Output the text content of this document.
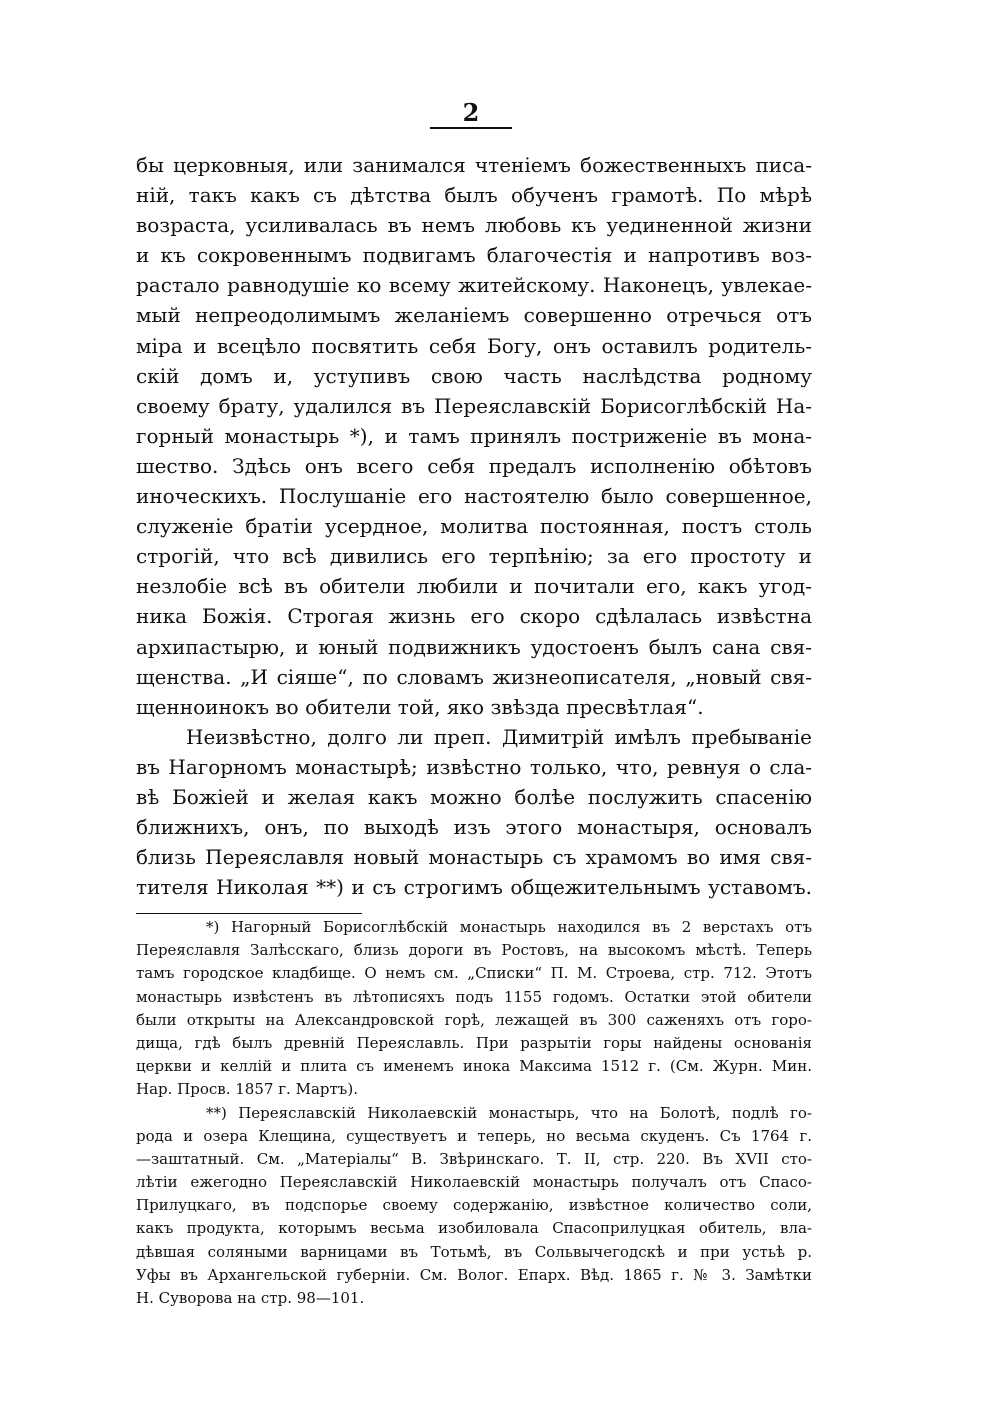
2
бы церковныя, или занимался чтеніемъ божественныхъ писа-
ній, такъ какъ съ дѣтства былъ обученъ грамотѣ. По мѣрѣ
возраста, усиливалась въ немъ любовь къ уединенной жизни
и къ сокровеннымъ подвигамъ благочестія и напротивъ воз-
растало равнодушіе ко всему житейскому. Наконецъ, увлекае-
мый непреодолимымъ желаніемъ совершенно отречься отъ
міра и всецѣло посвятить себя Богу, онъ оставилъ родитель-
скій домъ и, уступивъ свою часть наслѣдства родному
своему брату, удалился въ Переяславскій Борисоглѣбскій На-
горный монастырь *), и тамъ принялъ постриженіе въ мона-
шество. Здѣсь онъ всего себя предалъ исполненію обѣтовъ
иноческихъ. Послушаніе его настоятелю было совершенное,
служеніе братіи усердное, молитва постоянная, постъ столь
строгій, что всѣ дивились его терпѣнію; за его простоту и
незлобіе всѣ въ обители любили и почитали его, какъ угод-
ника Божія. Строгая жизнь его скоро сдѣлалась извѣстна
архипастырю, и юный подвижникъ удостоенъ былъ сана свя-
щенства. „И сіяше“, по словамъ жизнеописателя, „новый свя-
щенноинокъ во обители той, яко звѣзда пресвѣтлая“.
Неизвѣстно, долго ли преп. Димитрій имѣлъ пребываніе
въ Нагорномъ монастырѣ; извѣстно только, что, ревнуя о сла-
вѣ Божіей и желая какъ можно болѣе послужить спасенію
ближнихъ, онъ, по выходѣ изъ этого монастыря, основалъ
близь Переяславля новый монастырь съ храмомъ во имя свя-
тителя Николая **) и съ строгимъ общежительнымъ уставомъ.
*) Нагорный Борисоглѣбскій монастырь находился въ 2 верстахъ отъ
Переяславля Залѣсскаго, близь дороги въ Ростовъ, на высокомъ мѣстѣ. Теперь
тамъ городское кладбище. О немъ см. „Списки“ П. М. Строева, стр. 712. Этотъ
монастырь извѣстенъ въ лѣтописяхъ подъ 1155 годомъ. Остатки этой обители
были открыты на Александровской горѣ, лежащей въ 300 саженяхъ отъ горо-
дища, гдѣ былъ древній Переяславль. При разрытіи горы найдены основанія
церкви и келлій и плита съ именемъ инока Максима 1512 г. (См. Журн. Мин.
Нар. Просв. 1857 г. Мартъ).
**) Переяславскій Николаевскій монастырь, что на Болотѣ, подлѣ го-
рода и озера Клещина, существуетъ и теперь, но весьма скуденъ. Съ 1764 г.
—заштатный. См. „Матеріалы“ В. Звѣринскаго. Т. II, стр. 220. Въ XVII сто-
лѣтіи ежегодно Переяславскій Николаевскій монастырь получалъ отъ Спасо-
Прилуцкаго, въ подспорье своему содержанію, извѣстное количество соли,
какъ продукта, которымъ весьма изобиловала Спасоприлуцкая обитель, вла-
дѣвшая соляными варницами въ Тотьмѣ, въ Сольвычегодскѣ и при устьѣ р.
Уфы въ Архангельской губерніи. См. Волог. Епарх. Вѣд. 1865 г. № 3. Замѣтки
Н. Суворова на стр. 98—101.
